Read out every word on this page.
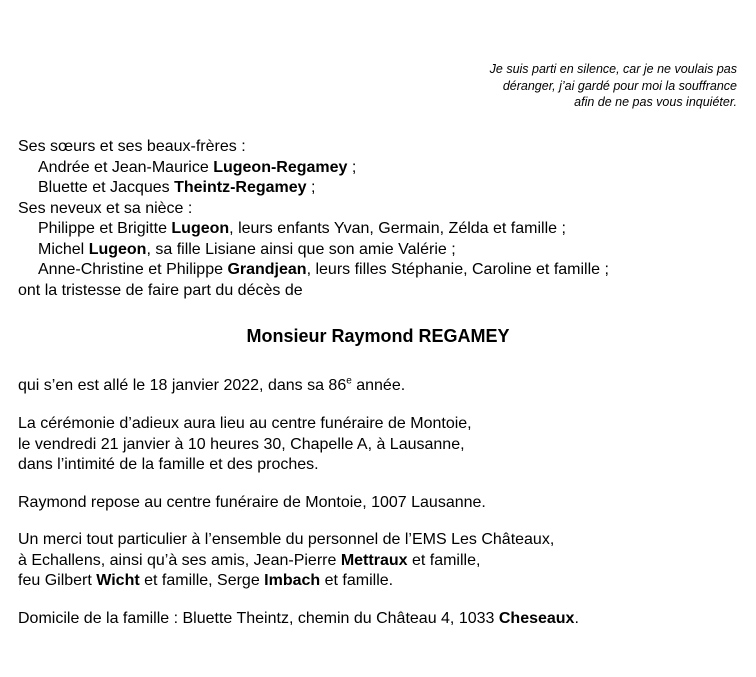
Je suis parti en silence, car je ne voulais pas
déranger, j’ai gardé pour moi la souffrance
afin de ne pas vous inquiéter.
Ses sœurs et ses beaux-frères :
Andrée et Jean-Maurice Lugeon-Regamey ;
Bluette et Jacques Theintz-Regamey ;
Ses neveux et sa nièce :
Philippe et Brigitte Lugeon, leurs enfants Yvan, Germain, Zélda et famille ;
Michel Lugeon, sa fille Lisiane ainsi que son amie Valérie ;
Anne-Christine et Philippe Grandjean, leurs filles Stéphanie, Caroline et famille ;
ont la tristesse de faire part du décès de
Monsieur Raymond REGAMEY
qui s’en est allé le 18 janvier 2022, dans sa 86e année.
La cérémonie d’adieux aura lieu au centre funéraire de Montoie,
le vendredi 21 janvier à 10 heures 30, Chapelle A, à Lausanne,
dans l’intimité de la famille et des proches.
Raymond repose au centre funéraire de Montoie, 1007 Lausanne.
Un merci tout particulier à l’ensemble du personnel de l’EMS Les Châteaux,
à Echallens, ainsi qu’à ses amis, Jean-Pierre Mettraux et famille,
feu Gilbert Wicht et famille, Serge Imbach et famille.
Domicile de la famille : Bluette Theintz, chemin du Château 4, 1033 Cheseaux.
